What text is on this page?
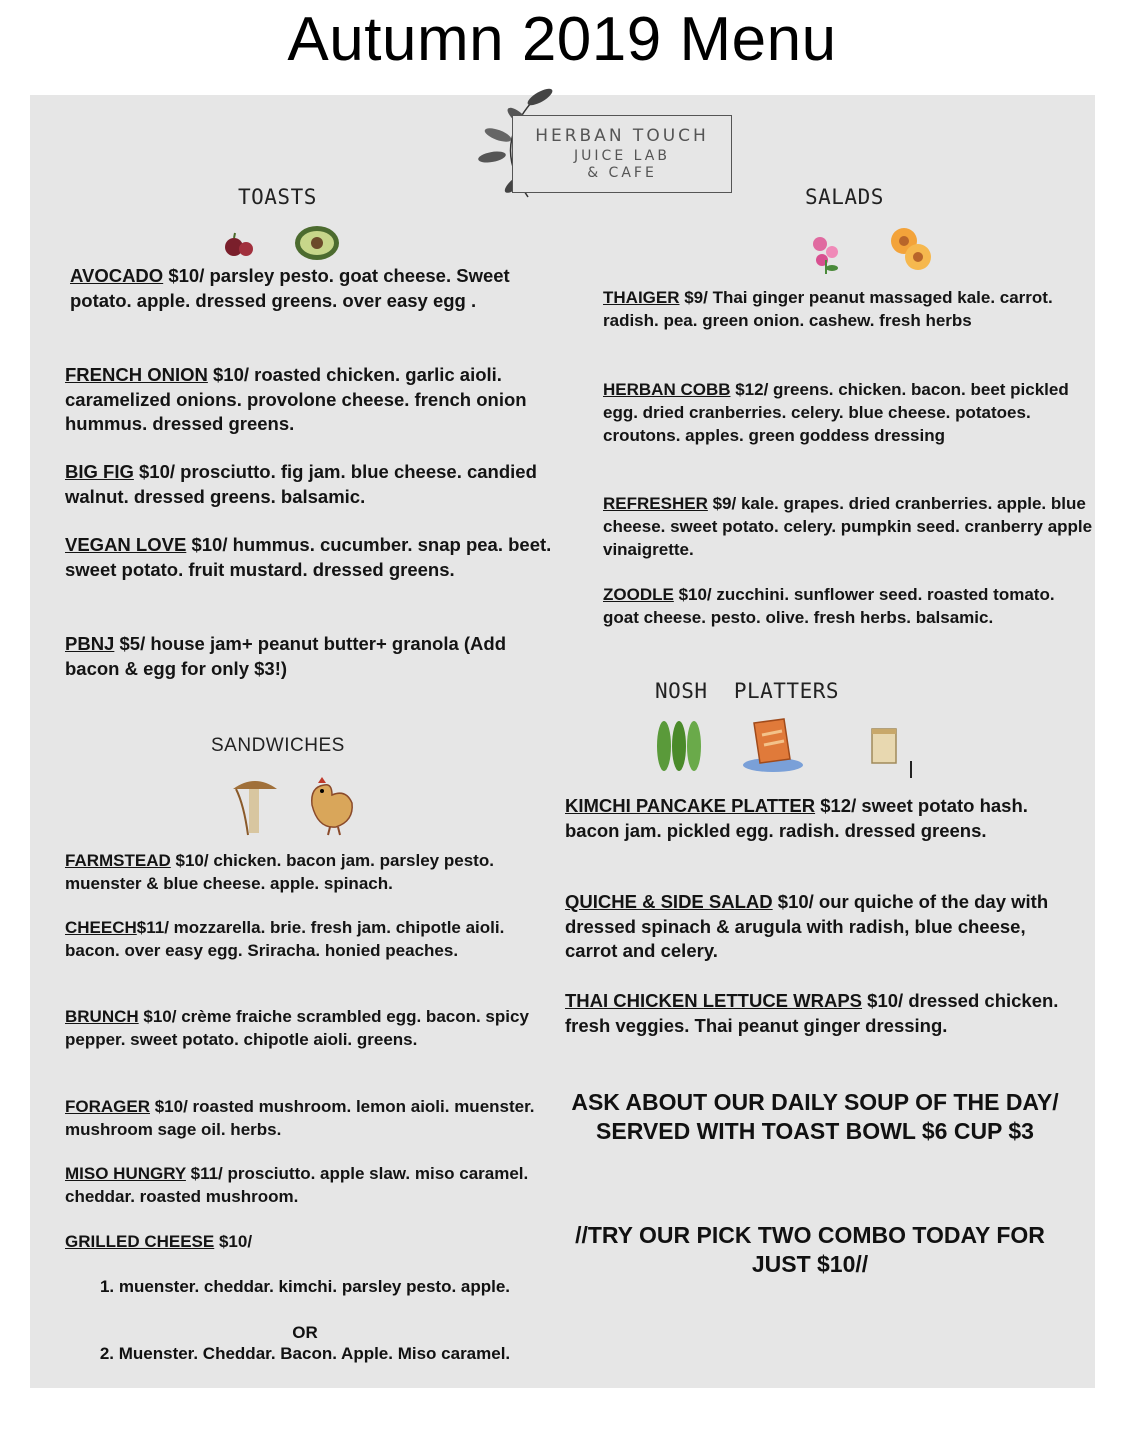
Autumn 2019 Menu
HERBAN TOUCH
JUICE LAB
& CAFE
TOASTS
AVOCADO $10/ parsley pesto. goat cheese. Sweet potato. apple. dressed greens. over easy egg .
FRENCH ONION $10/ roasted chicken. garlic aioli. caramelized onions. provolone cheese. french onion hummus. dressed greens.
BIG FIG $10/ prosciutto. fig jam. blue cheese. candied walnut. dressed greens. balsamic.
VEGAN LOVE $10/ hummus. cucumber. snap pea. beet. sweet potato. fruit mustard. dressed greens.
PBNJ $5/ house jam+ peanut butter+ granola (Add bacon & egg for only $3!)
SANDWICHES
FARMSTEAD $10/ chicken. bacon jam. parsley pesto. muenster & blue cheese. apple. spinach.
CHEECH$11/ mozzarella. brie. fresh jam. chipotle aioli. bacon. over easy egg. Sriracha. honied peaches.
BRUNCH $10/ crème fraiche scrambled egg. bacon. spicy pepper. sweet potato. chipotle aioli. greens.
FORAGER $10/ roasted mushroom. lemon aioli. muenster. mushroom sage oil. herbs.
MISO HUNGRY $11/ prosciutto. apple slaw. miso caramel. cheddar. roasted mushroom.
GRILLED CHEESE $10/
1. muenster. cheddar. kimchi. parsley pesto. apple.
OR
2. Muenster. Cheddar. Bacon. Apple. Miso caramel.
SALADS
THAIGER $9/ Thai ginger peanut massaged kale. carrot. radish. pea. green onion. cashew. fresh herbs
HERBAN COBB $12/ greens. chicken. bacon. beet pickled egg. dried cranberries. celery. blue cheese. potatoes. croutons. apples. green goddess dressing
REFRESHER $9/ kale. grapes. dried cranberries. apple. blue cheese. sweet potato. celery. pumpkin seed. cranberry apple vinaigrette.
ZOODLE $10/ zucchini. sunflower seed. roasted tomato. goat cheese. pesto. olive. fresh herbs. balsamic.
NOSH  PLATTERS
KIMCHI PANCAKE PLATTER $12/ sweet potato hash. bacon jam. pickled egg. radish. dressed greens.
QUICHE & SIDE SALAD $10/ our quiche of the day with dressed spinach & arugula with radish, blue cheese, carrot and celery.
THAI CHICKEN LETTUCE WRAPS $10/ dressed chicken. fresh veggies. Thai peanut ginger dressing.
ASK ABOUT OUR DAILY SOUP OF THE DAY/ SERVED WITH TOAST BOWL $6 CUP $3
//TRY OUR PICK TWO COMBO TODAY FOR JUST $10//
